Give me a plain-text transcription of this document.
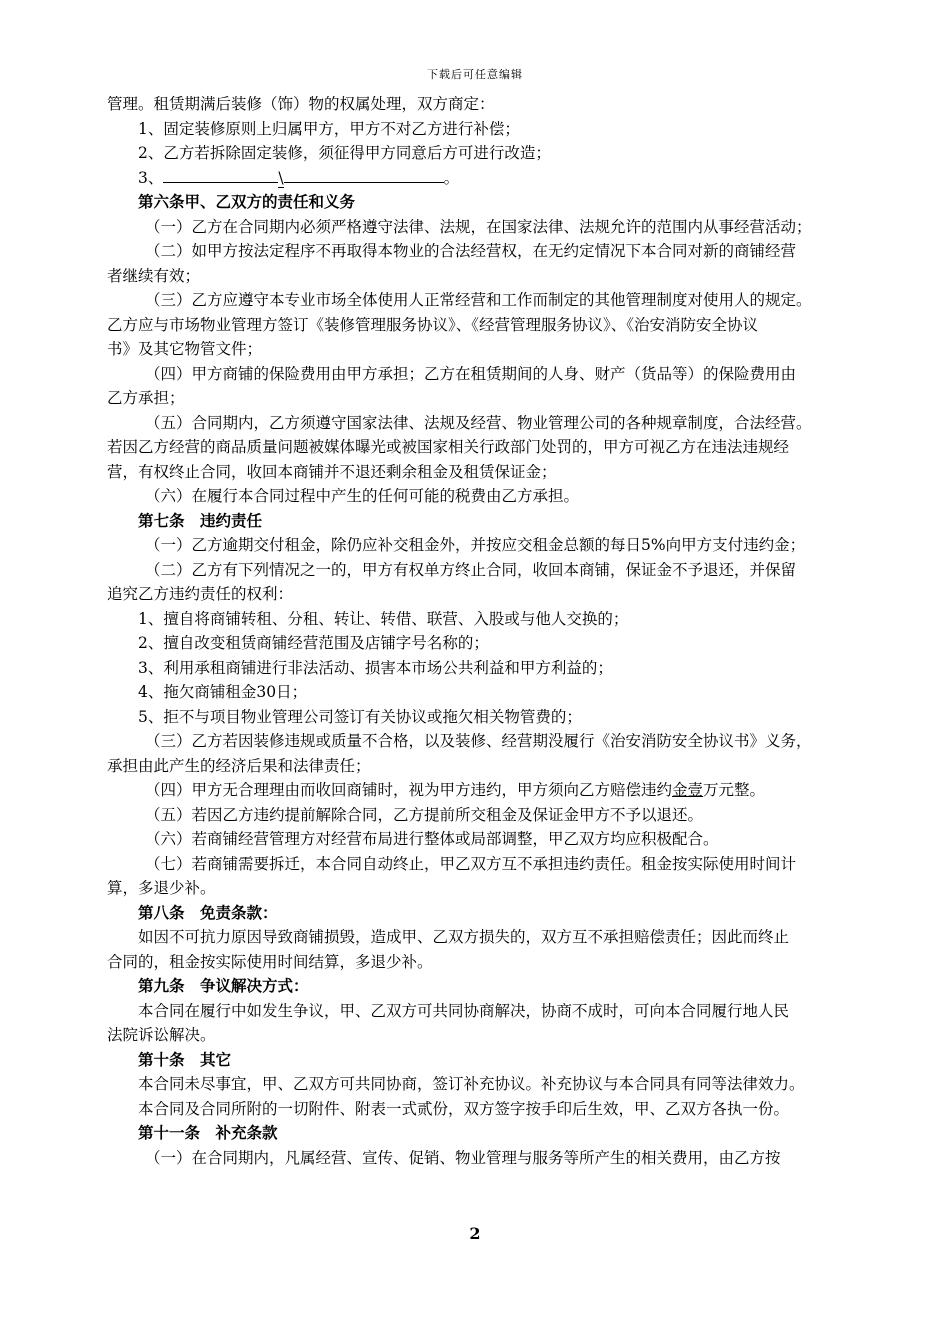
下载后可任意编辑
管理。租赁期满后装修（饰）物的权属处理，双方商定：
1、固定装修原则上归属甲方，甲方不对乙方进行补偿；
2、乙方若拆除固定装修，须征得甲方同意后方可进行改造；
3、	\	。
第六条甲、乙双方的责任和义务
（一）乙方在合同期内必须严格遵守法律、法规，在国家法律、法规允许的范围内从事经营活动；
（二）如甲方按法定程序不再取得本物业的合法经营权，在无约定情况下本合同对新的商铺经营
者继续有效；
（三）乙方应遵守本专业市场全体使用人正常经营和工作而制定的其他管理制度对使用人的规定。
乙方应与市场物业管理方签订《装修管理服务协议》、《经营管理服务协议》、《治安消防安全协议
书》及其它物管文件；
（四）甲方商铺的保险费用由甲方承担；乙方在租赁期间的人身、财产（货品等）的保险费用由
乙方承担；
（五）合同期内，乙方须遵守国家法律、法规及经营、物业管理公司的各种规章制度，合法经营。
若因乙方经营的商品质量问题被媒体曝光或被国家相关行政部门处罚的，甲方可视乙方在违法违规经
营，有权终止合同，收回本商铺并不退还剩余租金及租赁保证金；
（六）在履行本合同过程中产生的任何可能的税费由乙方承担。
第七条　违约责任
（一）乙方逾期交付租金，除仍应补交租金外，并按应交租金总额的每日5%向甲方支付违约金；
（二）乙方有下列情况之一的，甲方有权单方终止合同，收回本商铺，保证金不予退还，并保留
追究乙方违约责任的权利：
1、擅自将商铺转租、分租、转让、转借、联营、入股或与他人交换的；
2、擅自改变租赁商铺经营范围及店铺字号名称的；
3、利用承租商铺进行非法活动、损害本市场公共利益和甲方利益的；
4、拖欠商铺租金30日；
5、拒不与项目物业管理公司签订有关协议或拖欠相关物管费的；
（三）乙方若因装修违规或质量不合格，以及装修、经营期没履行《治安消防安全协议书》义务，
承担由此产生的经济后果和法律责任；
（四）甲方无合理理由而收回商铺时，视为甲方违约，甲方须向乙方赔偿违约金壹万元整。
（五）若因乙方违约提前解除合同，乙方提前所交租金及保证金甲方不予以退还。
（六）若商铺经营管理方对经营布局进行整体或局部调整，甲乙双方均应积极配合。
（七）若商铺需要拆迁，本合同自动终止，甲乙双方互不承担违约责任。租金按实际使用时间计
算，多退少补。
第八条　免责条款：
如因不可抗力原因导致商铺损毁，造成甲、乙双方损失的，双方互不承担赔偿责任；因此而终止
合同的，租金按实际使用时间结算，多退少补。
第九条　争议解决方式：
本合同在履行中如发生争议，甲、乙双方可共同协商解决，协商不成时，可向本合同履行地人民
法院诉讼解决。
第十条　其它
本合同未尽事宜，甲、乙双方可共同协商，签订补充协议。补充协议与本合同具有同等法律效力。
本合同及合同所附的一切附件、附表一式贰份，双方签字按手印后生效，甲、乙双方各执一份。
第十一条　补充条款
（一）在合同期内，凡属经营、宣传、促销、物业管理与服务等所产生的相关费用，由乙方按
2
